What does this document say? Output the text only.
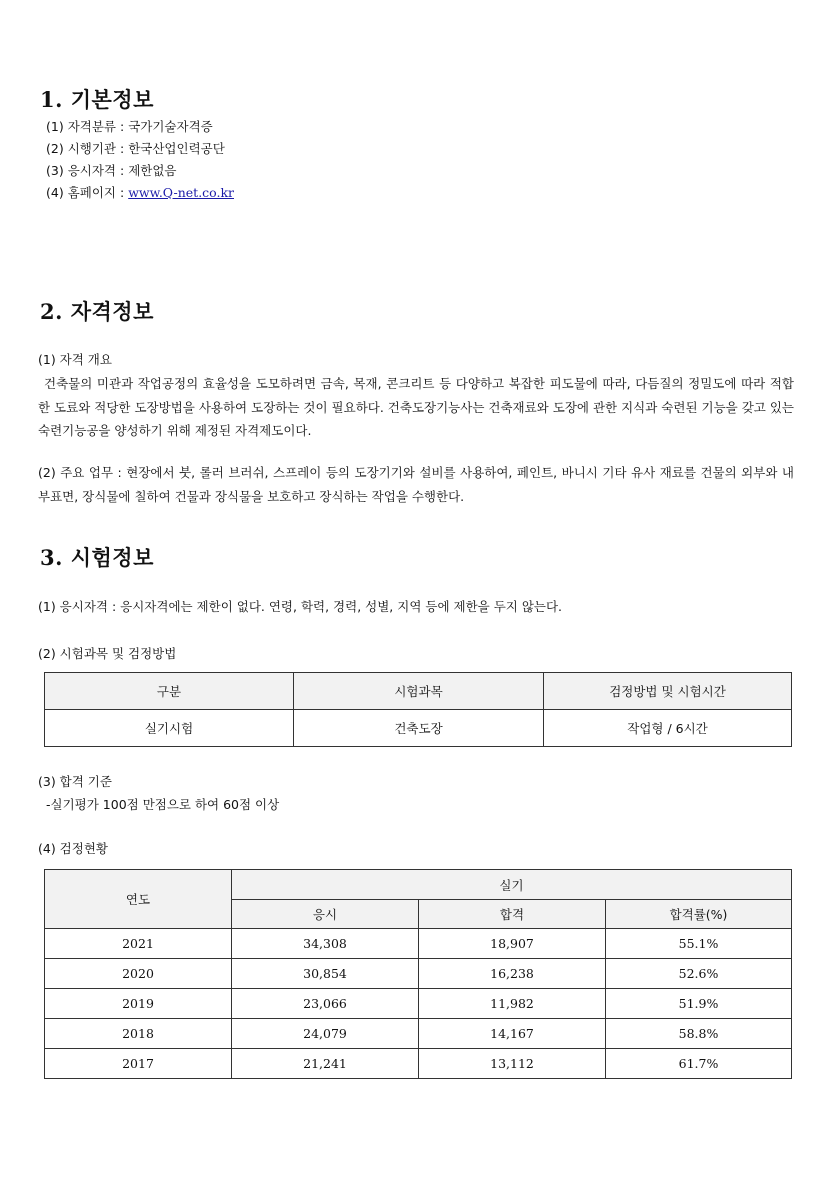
1. 기본정보
(1) 자격분류 : 국가기술자격증
(2) 시행기관 : 한국산업인력공단
(3) 응시자격 : 제한없음
(4) 홈페이지 : www.Q-net.co.kr
2. 자격정보
(1) 자격 개요
건축물의 미관과 작업공정의 효율성을 도모하려면 금속, 목재, 콘크리트 등 다양하고 복잡한 피도물에 따라, 다듬질의 정밀도에 따라 적합한 도료와 적당한 도장방법을 사용하여 도장하는 것이 필요하다. 건축도장기능사는 건축재료와 도장에 관한 지식과 숙련된 기능을 갖고 있는 숙련기능공을 양성하기 위해 제정된 자격제도이다.
(2) 주요 업무 : 현장에서 붓, 롤러 브러쉬, 스프레이 등의 도장기기와 설비를 사용하여, 페인트, 바니시 기타 유사 재료를 건물의 외부와 내부표면, 장식물에 칠하여 건물과 장식물을 보호하고 장식하는 작업을 수행한다.
3. 시험정보
(1) 응시자격 : 응시자격에는 제한이 없다. 연령, 학력, 경력, 성별, 지역 등에 제한을 두지 않는다.
(2) 시험과목 및 검정방법
구분	시험과목	검정방법 및 시험시간
실기시험	건축도장	작업형 / 6시간
(3) 합격 기준
-실기평가 100점 만점으로 하여 60점 이상
(4) 검정현황
연도	실기		
	응시	합격	합격률(%)
2021	34,308	18,907	55.1%
2020	30,854	16,238	52.6%
2019	23,066	11,982	51.9%
2018	24,079	14,167	58.8%
2017	21,241	13,112	61.7%
